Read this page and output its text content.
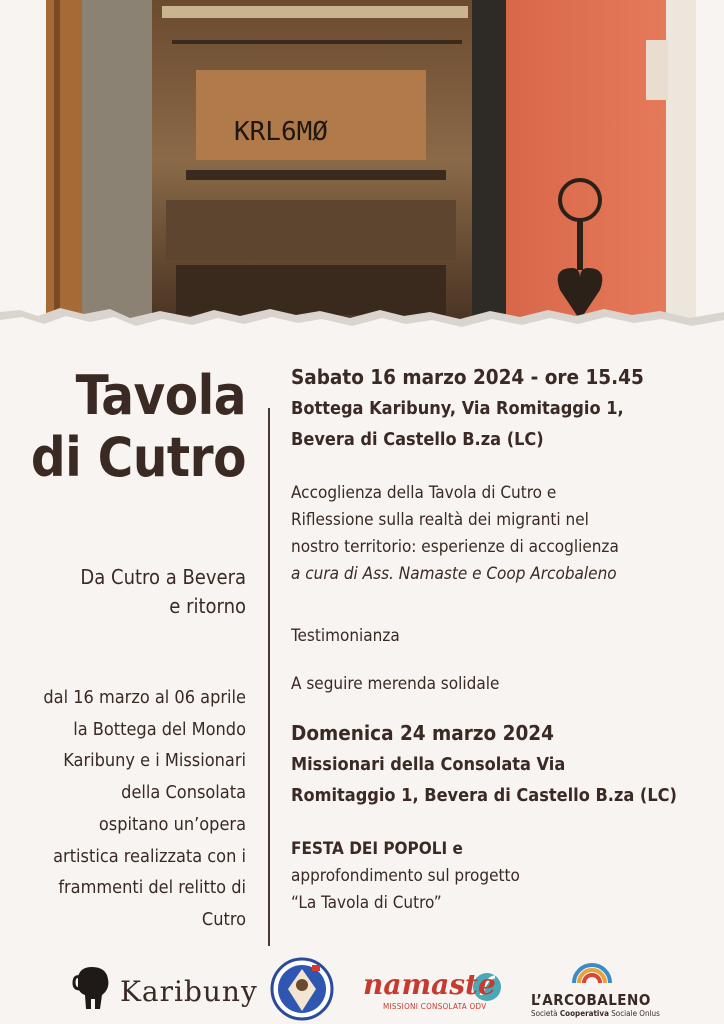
KRL6MØ
Tavola
di Cutro
Da Cutro a Bevera
e ritorno
dal 16 marzo al 06 aprile
la Bottega del Mondo
Karibuny e i Missionari
della Consolata
ospitano un’opera
artistica realizzata con i
frammenti del relitto di
Cutro
Sabato 16 marzo 2024 - ore 15.45
Bottega Karibuny, Via Romitaggio 1,
Bevera di Castello B.za (LC)
Accoglienza della Tavola di Cutro e
Riflessione sulla realtà dei migranti nel
nostro territorio: esperienze di accoglienza
a cura di Ass. Namaste e Coop Arcobaleno
Testimonianza
A seguire merenda solidale
Domenica 24 marzo 2024
Missionari della Consolata Via
Romitaggio 1, Bevera di Castello B.za (LC)
FESTA DEI POPOLI e
approfondimento sul progetto
“La Tavola di Cutro”
Karibuny	namaste
MISSIONI CONSOLATA ODV	L’ARCOBALENO
Società Cooperativa Sociale Onlus
